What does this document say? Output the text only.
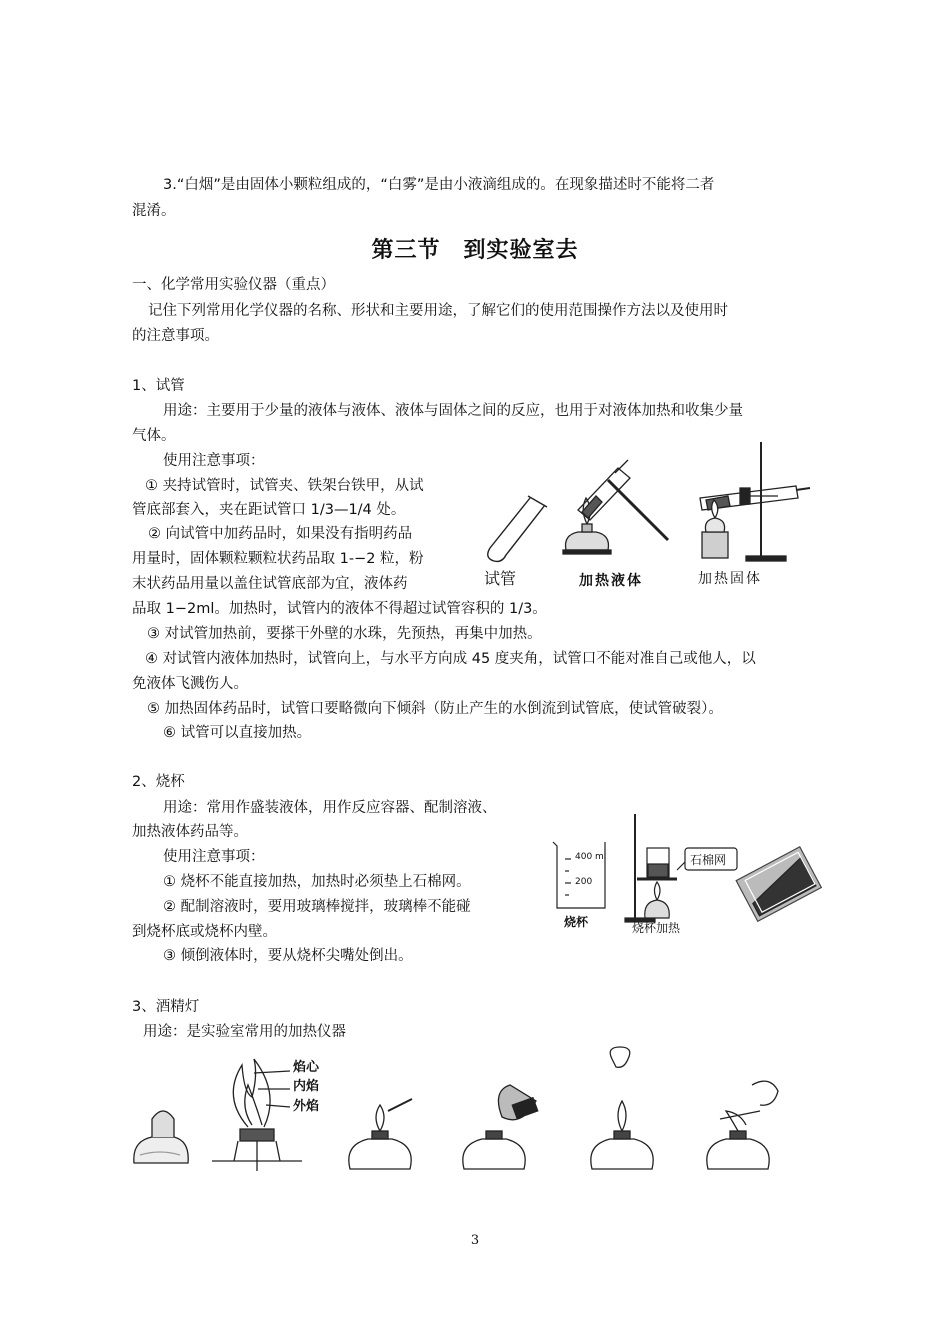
3.“白烟”是由固体小颗粒组成的，“白雾”是由小液滴组成的。在现象描述时不能将二者
混淆。
第三节　到实验室去
一、化学常用实验仪器（重点）
记住下列常用化学仪器的名称、形状和主要用途，了解它们的使用范围操作方法以及使用时
的注意事项。
1、试管
用途：主要用于少量的液体与液体、液体与固体之间的反应，也用于对液体加热和收集少量
气体。
使用注意事项：
① 夹持试管时，试管夹、铁架台铁甲，从试
管底部套入，夹在距试管口 1/3—1/4 处。
② 向试管中加药品时，如果没有指明药品
用量时，固体颗粒颗粒状药品取 1-−2 粒，粉
末状药品用量以盖住试管底部为宜，液体药
品取 1−2ml。加热时，试管内的液体不得超过试管容积的 1/3。
③ 对试管加热前，要搽干外壁的水珠，先预热，再集中加热。
④ 对试管内液体加热时，试管向上，与水平方向成 45 度夹角，试管口不能对准自己或他人，以
免液体飞溅伤人。
⑤ 加热固体药品时，试管口要略微向下倾斜（防止产生的水倒流到试管底，使试管破裂）。
⑥ 试管可以直接加热。
试管	加热液体	加热固体
2、烧杯
用途：常用作盛装液体，用作反应容器、配制溶液、
加热液体药品等。
使用注意事项：
① 烧杯不能直接加热，加热时必须垫上石棉网。
② 配制溶液时，要用玻璃棒搅拌，玻璃棒不能碰
到烧杯底或烧杯内壁。
③ 倾倒液体时，要从烧杯尖嘴处倒出。
400 ml
200
烧杯	烧杯加热
石棉网
3、酒精灯
用途：是实验室常用的加热仪器
焰心
内焰
外焰
3
